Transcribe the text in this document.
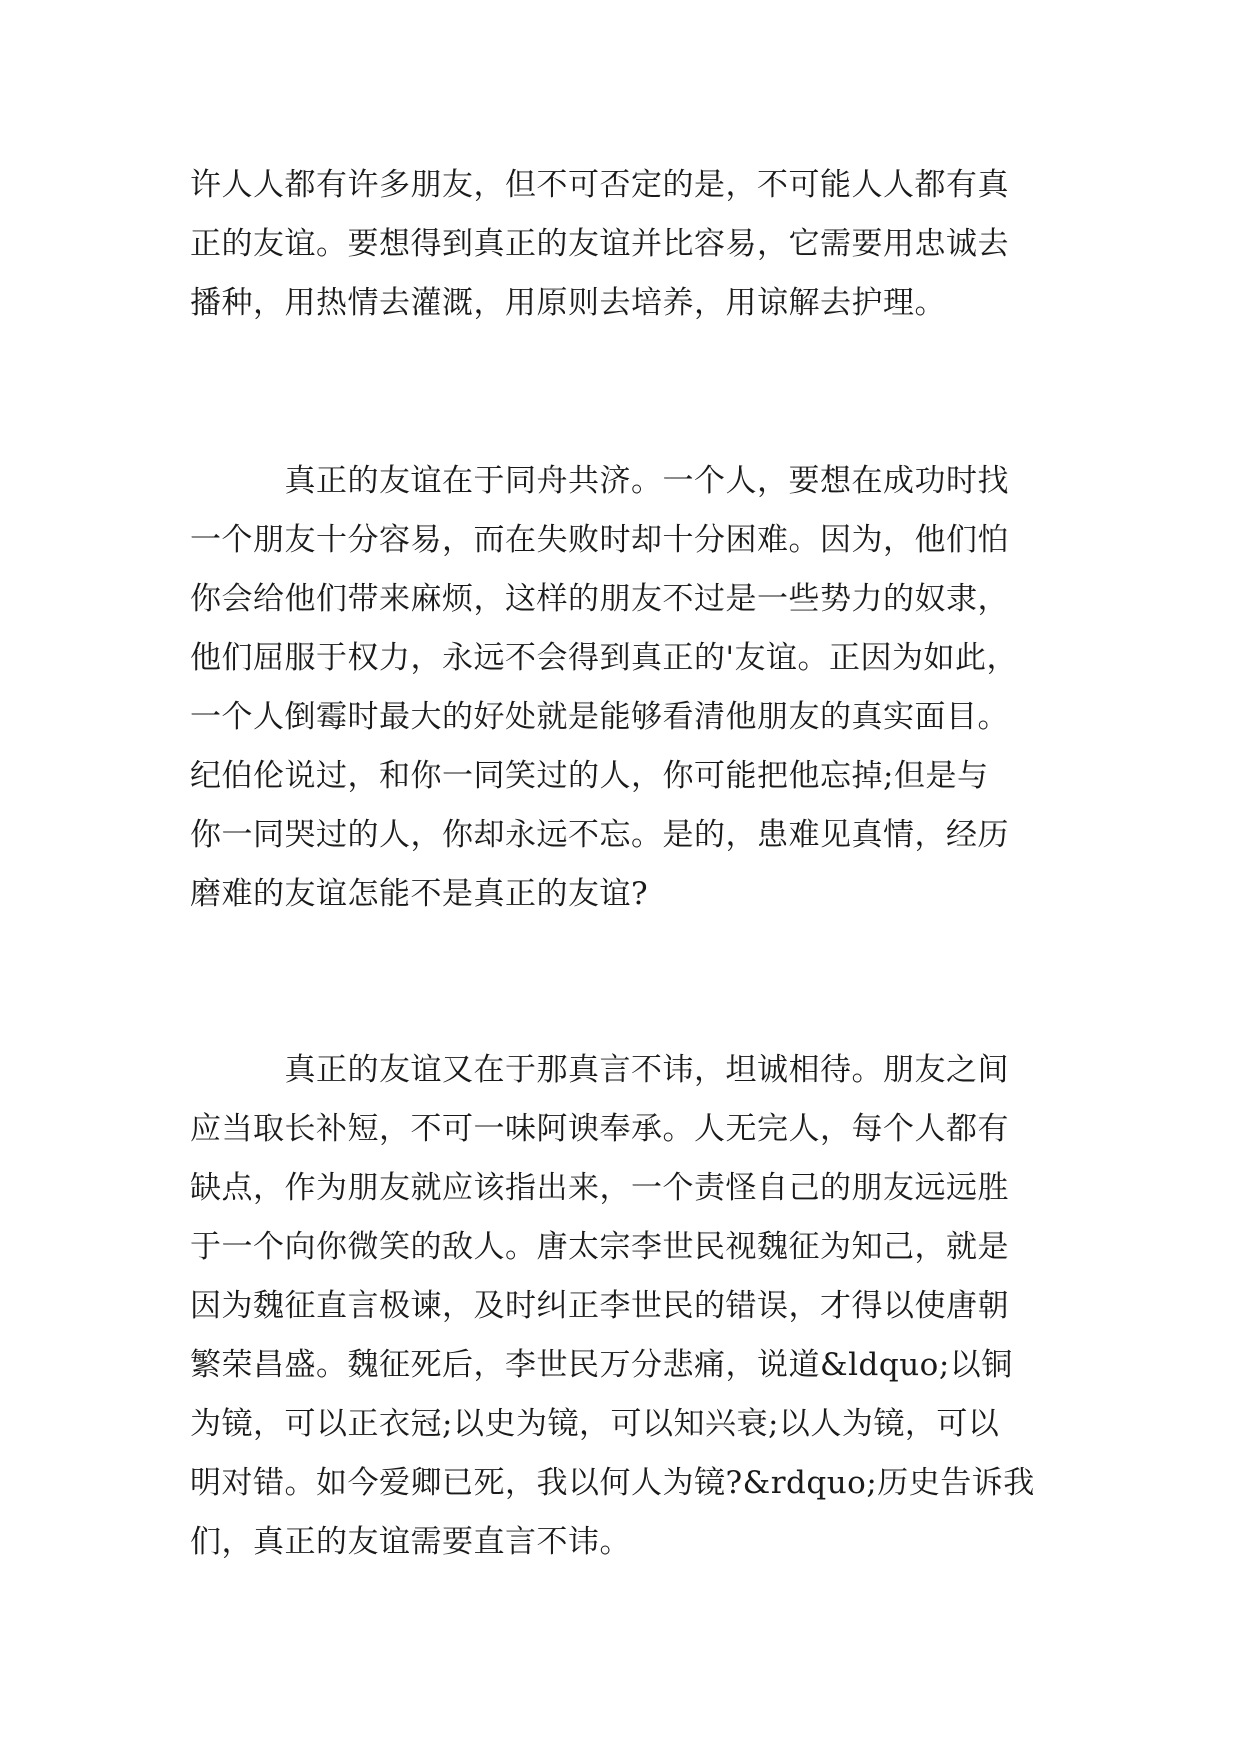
许人人都有许多朋友，但不可否定的是，不可能人人都有真
正的友谊。要想得到真正的友谊并比容易，它需要用忠诚去
播种，用热情去灌溉，用原则去培养，用谅解去护理。
　　　真正的友谊在于同舟共济。一个人，要想在成功时找
一个朋友十分容易，而在失败时却十分困难。因为，他们怕
你会给他们带来麻烦，这样的朋友不过是一些势力的奴隶，
他们屈服于权力，永远不会得到真正的'友谊。正因为如此，
一个人倒霉时最大的好处就是能够看清他朋友的真实面目。
纪伯伦说过，和你一同笑过的人，你可能把他忘掉;但是与
你一同哭过的人，你却永远不忘。是的，患难见真情，经历
磨难的友谊怎能不是真正的友谊?
　　　真正的友谊又在于那真言不讳，坦诚相待。朋友之间
应当取长补短，不可一味阿谀奉承。人无完人，每个人都有
缺点，作为朋友就应该指出来，一个责怪自己的朋友远远胜
于一个向你微笑的敌人。唐太宗李世民视魏征为知己，就是
因为魏征直言极谏，及时纠正李世民的错误，才得以使唐朝
繁荣昌盛。魏征死后，李世民万分悲痛，说道&ldquo;以铜
为镜，可以正衣冠;以史为镜，可以知兴衰;以人为镜，可以
明对错。如今爱卿已死，我以何人为镜?&rdquo;历史告诉我
们，真正的友谊需要直言不讳。
